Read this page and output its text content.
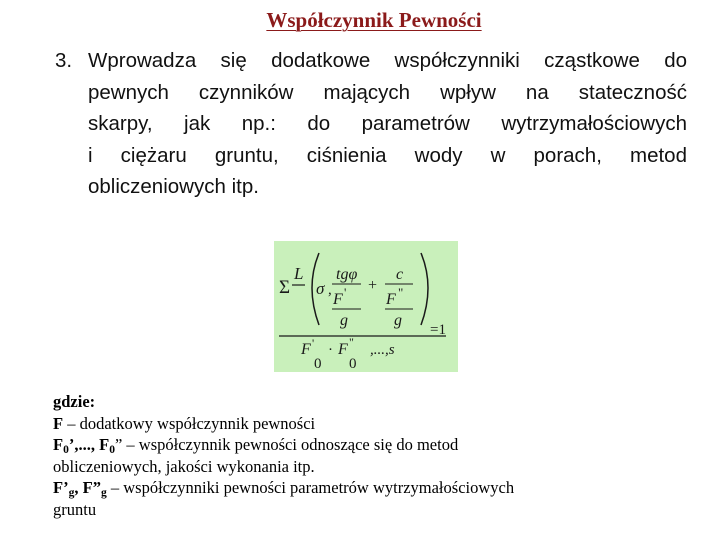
Współczynnik Pewności
3. Wprowadza się dodatkowe współczynniki cząstkowe do
pewnych czynników mających wpływ na stateczność
skarpy, jak np.: do parametrów wytrzymałościowych
i ciężaru gruntu, ciśnienia wody w porach, metod
obliczeniowych itp.
Σ
L
σ ,
tgφ
F '
g
+
c
F "
g
=1
F '
0
· F "
0
,...,s
gdzie:
F – dodatkowy współczynnik pewności
$F_0$’,..., $F_0$” – współczynnik pewności odnoszące się do metod
obliczeniowych, jakości wykonania itp.
$F’_g$, $F”_g$ – współczynniki pewności parametrów wytrzymałościowych
gruntu
